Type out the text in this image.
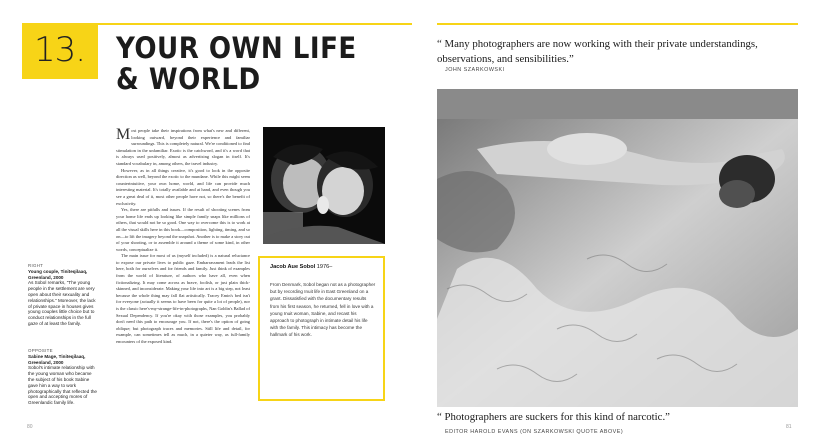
13. YOUR OWN LIFE
& WORLD
RIGHT
Young couple, Tiniteqilaaq, Greenland, 2000
As Sobol remarks, "The young people in the settlement are very open about their sexuality and relationships." Moreover, the lack of private space in houses gives young couples little choice but to conduct relationships in the full gaze of at least the family.
OPPOSITE
Sabine Mage, Tiniteqilaaq, Greenland, 2000
Sobol's intimate relationship with the young woman who became the subject of his book Sabine gave him a way to work photographically that reflected the open and accepting mores of Greenlandic family life.

Most people take their inspirations from what's new and different, looking outward, beyond their experience and familiar surroundings. This is completely natural. We're conditioned to find stimulation in the unfamiliar. Exotic is the catchword, and it's a word that is always used positively, almost as advertising slogan in itself. It's standard vocabulary in, among others, the travel industry.

However, as in all things creative, it's good to look in the opposite direction as well, beyond the exotic to the mundane. While this might seem counterintuitive, your own home, world, and life can provide much interesting material. It's totally available and at hand, and even though you see a great deal of it, most other people have not, so there's the benefit of exclusivity.

Yes, there are pitfalls and issues. If the result of shooting scenes from your home life ends up looking like simple family snaps like millions of others, that would not be so good. One way to overcome this is to work at all the visual skills here in this book—composition, lighting, timing, and so on—to lift the imagery beyond the snapshot. Another is to make a story out of your shooting, or to assemble it around a theme of some kind, in other words, conceptualize it.

The main issue for most of us (myself included) is a natural reluctance to expose our private lives to public gaze. Embarrassment leads the list here, both for ourselves and for friends and family. Just think of examples from the world of literature, of authors who have all, even when fictionalizing. It may come across as brave, foolish, or just plain thick-skinned, and inconsiderate. Making your life into art is a big step, not least because the whole thing may fall flat artistically. Tracey Emin's bed isn't for everyone (actually it seems to have been for quite a lot of people), nor is the classic here's-my-strange-life-in-photographs, Nan Goldin's Ballad of Sexual Dependency. If you're okay with those examples, you probably don't need this path to encourage you. If not, there's the option of going oblique; but photograph traces and memories. Still life and detail, for example, can sometimes tell as much, in a quieter way, as full-family encounters of the exposed kind.

Jacob Aue Sobol 1976–
From Denmark, Sobol began not as a photographer but by recording Inuit life in East Greenland on a grant. Dissatisfied with the documentary results from his first season, he returned, fell in love with a young Inuit woman, Sabine, and recast his approach to photograph in intimate detail his life with the family. This intimacy has become the hallmark of his work.
“ Many photographers are now working with their private understandings, observations, and sensibilities.”
JOHN SZARKOWSKI
“ Photographers are suckers for this kind of narcotic.”
EDITOR HAROLD EVANS (ON SZARKOWSKI QUOTE ABOVE)
80	81
